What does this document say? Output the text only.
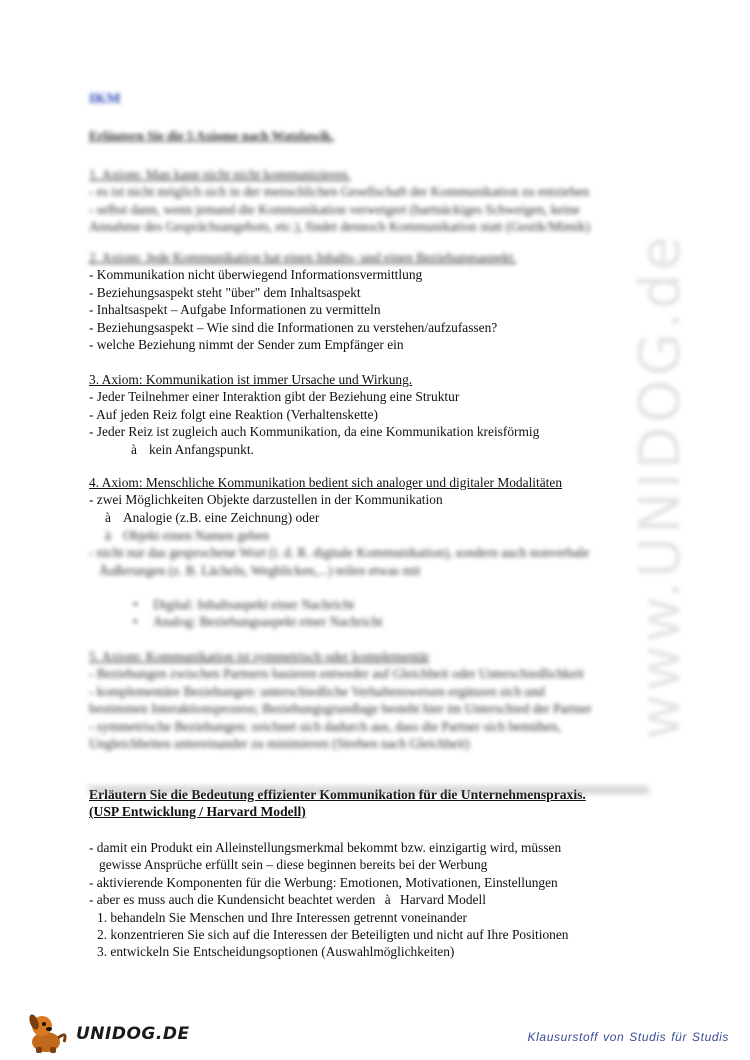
www.UNIDOG.de
IKM
Erläutern Sie die 5 Axiome nach Watzlawik.
1. Axiom: Man kann nicht nicht kommunizieren.
- es ist nicht möglich sich in der menschlichen Gesellschaft der Kommunikation zu entziehen
- selbst dann, wenn jemand die Kommunikation verweigert (hartnäckiges Schweigen, keine
Annahme des Gesprächsangebots, etc.), findet dennoch Kommunikation statt (Gestik/Mimik)
2. Axiom: Jede Kommunikation hat einen Inhalts- und einen Beziehungsaspekt.
- Kommunikation nicht überwiegend Informationsvermittlung
- Beziehungsaspekt steht "über" dem Inhaltsaspekt
- Inhaltsaspekt – Aufgabe Informationen zu vermitteln
- Beziehungsaspekt – Wie sind die Informationen zu verstehen/aufzufassen?
- welche Beziehung nimmt der Sender zum Empfänger ein
3. Axiom: Kommunikation ist immer Ursache und Wirkung.
- Jeder Teilnehmer einer Interaktion gibt der Beziehung eine Struktur
- Auf jeden Reiz folgt eine Reaktion (Verhaltenskette)
- Jeder Reiz ist zugleich auch Kommunikation, da eine Kommunikation kreisförmig
à kein Anfangspunkt.
4. Axiom: Menschliche Kommunikation bedient sich analoger und digitaler Modalitäten
- zwei Möglichkeiten Objekte darzustellen in der Kommunikation
à Analogie (z.B. eine Zeichnung) oder
à Objekt einen Namen geben
- nicht nur das gesprochene Wort (i. d. R. digitale Kommunikation), sondern auch nonverbale
Äußerungen (z. B. Lächeln, Wegblicken,...) teilen etwas mit
• Digital: Inhaltsaspekt einer Nachricht
• Analog: Beziehungsaspekt einer Nachricht
5. Axiom: Kommunikation ist symmetrisch oder komplementär
- Beziehungen zwischen Partnern basieren entweder auf Gleichheit oder Unterschiedlichkeit
- komplementäre Beziehungen: unterschiedliche Verhaltensweisen ergänzen sich und
bestimmen Interaktionsprozess; Beziehungsgrundlage besteht hier im Unterschied der Partner
- symmetrische Beziehungen: zeichnet sich dadurch aus, dass die Partner sich bemühen,
Ungleichheiten untereinander zu minimieren (Streben nach Gleichheit)
Erläutern Sie die Bedeutung effizienter Kommunikation für die Unternehmenspraxis.
(USP Entwicklung / Harvard Modell)
- damit ein Produkt ein Alleinstellungsmerkmal bekommt bzw. einzigartig wird, müssen
gewisse Ansprüche erfüllt sein – diese beginnen bereits bei der Werbung
- aktivierende Komponenten für die Werbung: Emotionen, Motivationen, Einstellungen
- aber es muss auch die Kundensicht beachtet werden à Harvard Modell
1. behandeln Sie Menschen und Ihre Interessen getrennt voneinander
2. konzentrieren Sie sich auf die Interessen der Beteiligten und nicht auf Ihre Positionen
3. entwickeln Sie Entscheidungsoptionen (Auswahlmöglichkeiten)
UNIDOG.DE	Klausurstoff von Studis für Studis
